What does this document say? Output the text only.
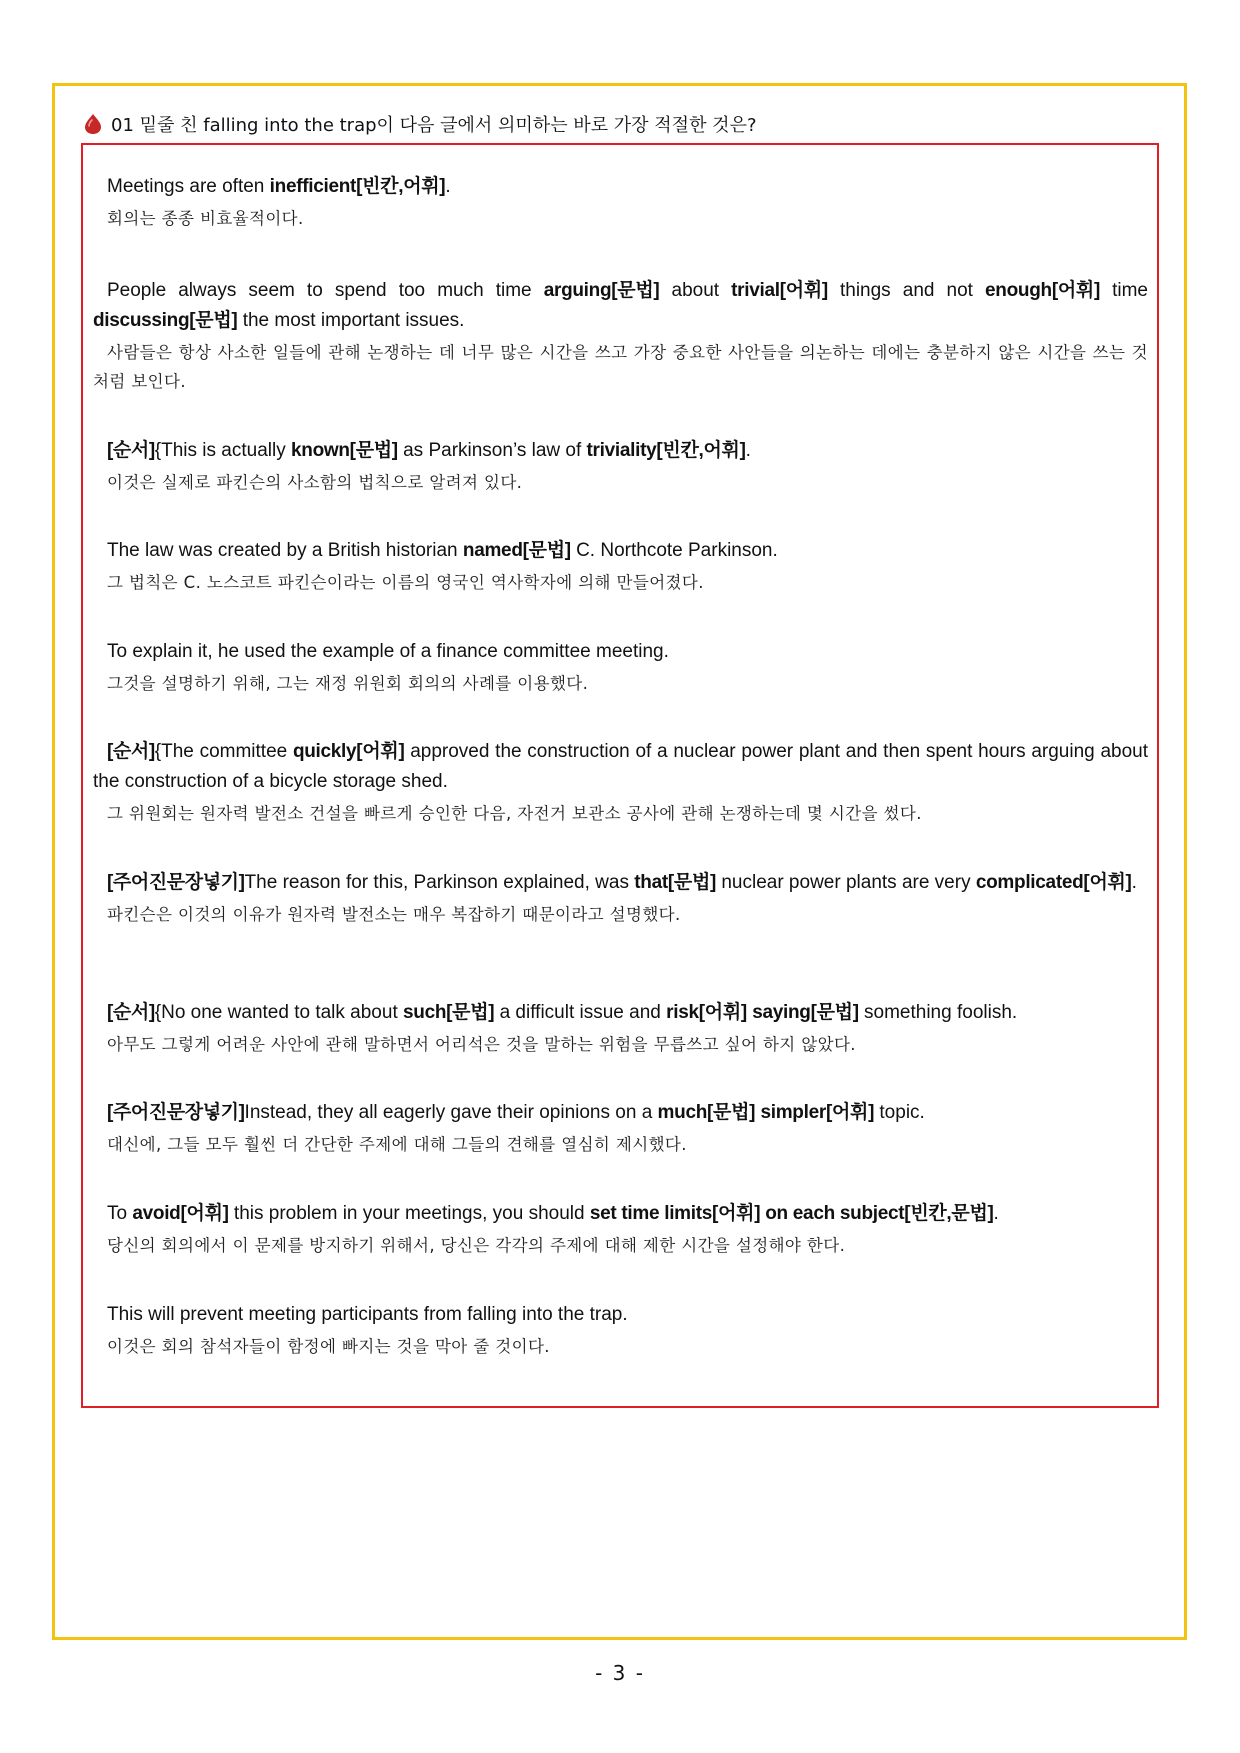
01 밑줄 친 falling into the trap이 다음 글에서 의미하는 바로 가장 적절한 것은?
Meetings are often inefficient[빈칸,어휘].
회의는 종종 비효율적이다.
People always seem to spend too much time arguing[문법] about trivial[어휘] things and not enough[어휘] time discussing[문법] the most important issues.
사람들은 항상 사소한 일들에 관해 논쟁하는 데 너무 많은 시간을 쓰고 가장 중요한 사안들을 의논하는 데에는 충분하지 않은 시간을 쓰는 것처럼 보인다.
[순서]{This is actually known[문법] as Parkinson’s law of triviality[빈칸,어휘].
이것은 실제로 파킨슨의 사소함의 법칙으로 알려져 있다.
The law was created by a British historian named[문법] C. Northcote Parkinson.
그 법칙은 C. 노스코트 파킨슨이라는 이름의 영국인 역사학자에 의해 만들어졌다.
To explain it, he used the example of a finance committee meeting.
그것을 설명하기 위해, 그는 재정 위원회 회의의 사례를 이용했다.
[순서]{The committee quickly[어휘] approved the construction of a nuclear power plant and then spent hours arguing about the construction of a bicycle storage shed.
그 위원회는 원자력 발전소 건설을 빠르게 승인한 다음, 자전거 보관소 공사에 관해 논쟁하는데 몇 시간을 썼다.
[주어진문장넣기]The reason for this, Parkinson explained, was that[문법] nuclear power plants are very complicated[어휘].
파킨슨은 이것의 이유가 원자력 발전소는 매우 복잡하기 때문이라고 설명했다.
[순서]{No one wanted to talk about such[문법] a difficult issue and risk[어휘] saying[문법] something foolish.
아무도 그렇게 어려운 사안에 관해 말하면서 어리석은 것을 말하는 위험을 무릅쓰고 싶어 하지 않았다.
[주어진문장넣기]Instead, they all eagerly gave their opinions on a much[문법] simpler[어휘] topic.
대신에, 그들 모두 훨씬 더 간단한 주제에 대해 그들의 견해를 열심히 제시했다.
To avoid[어휘] this problem in your meetings, you should set time limits[어휘] on each subject[빈칸,문법].
당신의 회의에서 이 문제를 방지하기 위해서, 당신은 각각의 주제에 대해 제한 시간을 설정해야 한다.
This will prevent meeting participants from falling into the trap.
이것은 회의 참석자들이 함정에 빠지는 것을 막아 줄 것이다.
- 3 -
